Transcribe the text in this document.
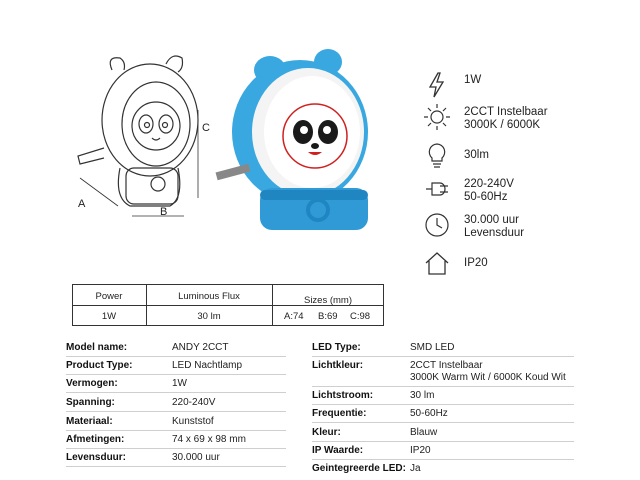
A
B
C
1W
2CCT Instelbaar
3000K / 6000K
30lm
220-240V
50-60Hz
30.000 uur
Levensduur
IP20
Power	Luminous Flux	Sizes (mm)
1W	30 lm	A:74	B:69	C:98
Model name:	ANDY 2CCT
Product Type:	LED Nachtlamp
Vermogen:	1W
Spanning:	220-240V
Materiaal:	Kunststof
Afmetingen:	74 x 69 x 98 mm
Levensduur:	30.000 uur
LED Type:	SMD LED
Lichtkleur:	2CCT Instelbaar
3000K Warm Wit / 6000K Koud Wit
Lichtstroom:	30 lm
Frequentie:	50-60Hz
Kleur:	Blauw
IP Waarde:	IP20
Geintegreerde LED: Ja
